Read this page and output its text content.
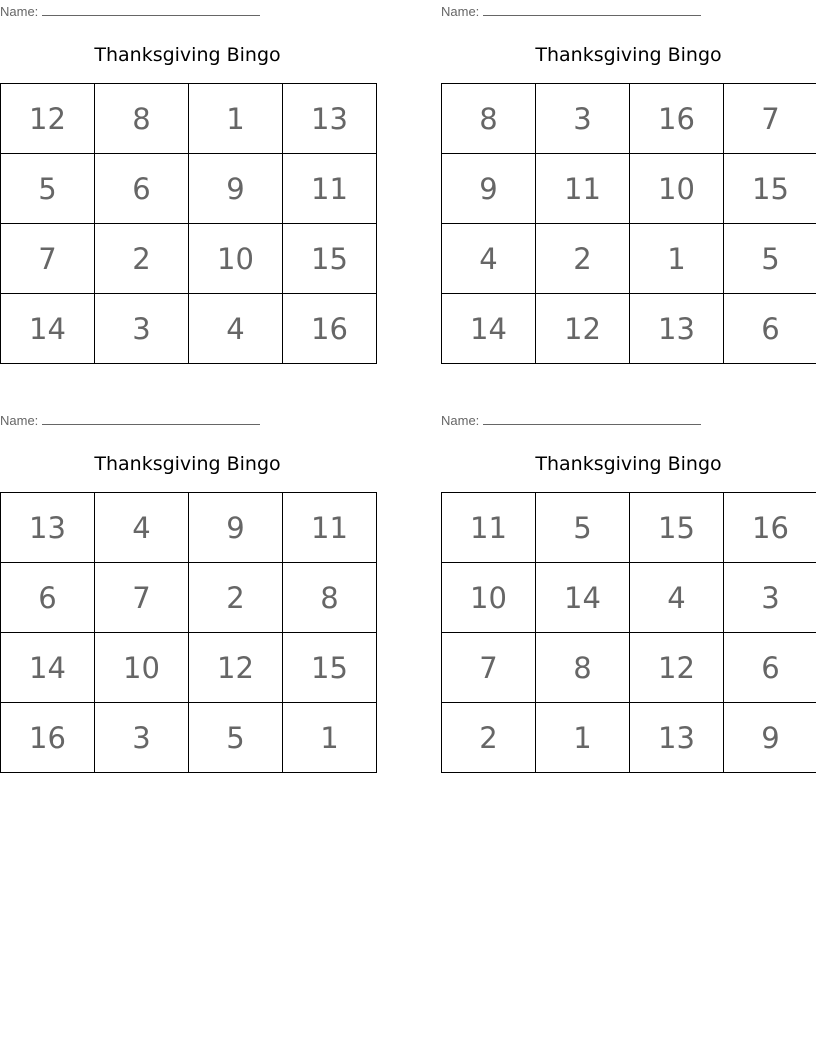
Name:
Thanksgiving Bingo
12	8	1	13
5	6	9	11
7	2	10	15
14	3	4	16
Name:
Thanksgiving Bingo
8	3	16	7
9	11	10	15
4	2	1	5
14	12	13	6
Name:
Thanksgiving Bingo
13	4	9	11
6	7	2	8
14	10	12	15
16	3	5	1
Name:
Thanksgiving Bingo
11	5	15	16
10	14	4	3
7	8	12	6
2	1	13	9
